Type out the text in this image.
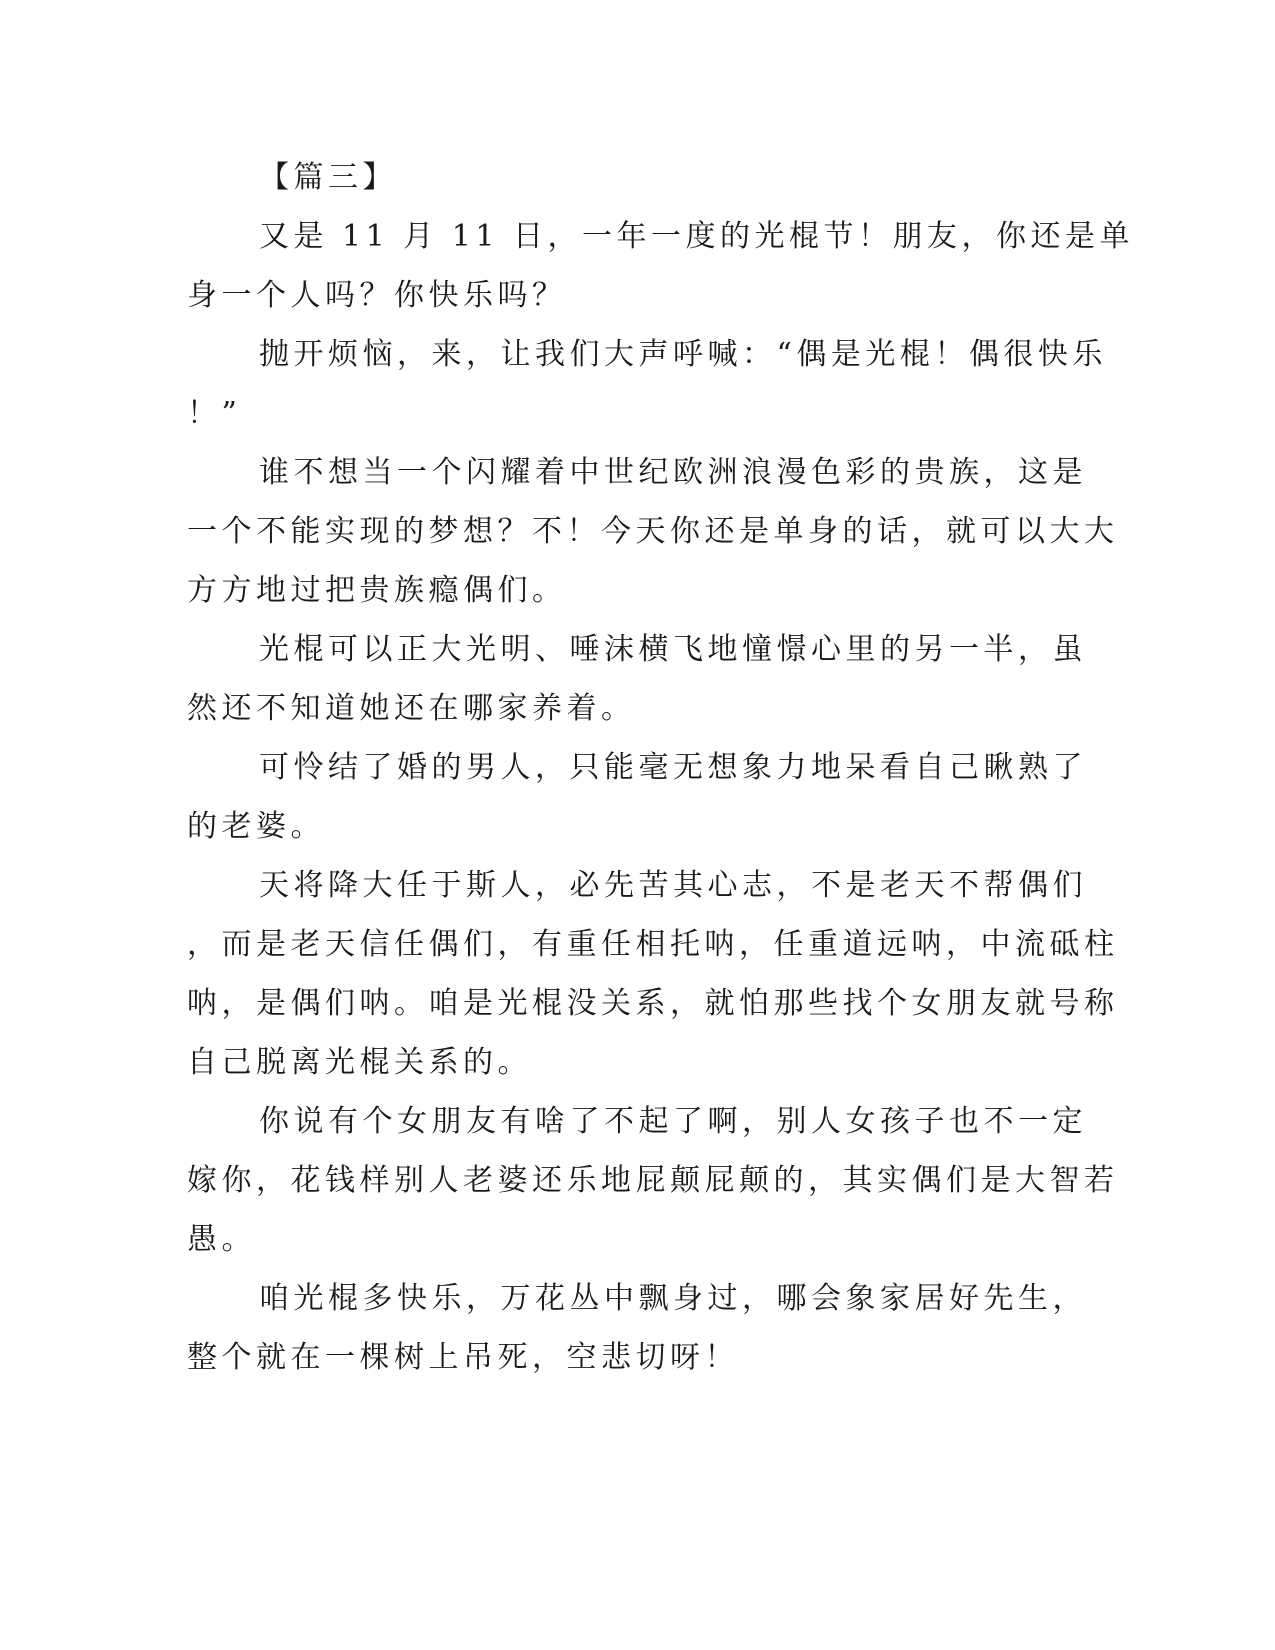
【篇三】
又是 11 月 11 日，一年一度的光棍节！朋友，你还是单
身一个人吗？你快乐吗？
抛开烦恼，来，让我们大声呼喊：“偶是光棍！偶很快乐
！”
谁不想当一个闪耀着中世纪欧洲浪漫色彩的贵族，这是
一个不能实现的梦想？不！今天你还是单身的话，就可以大大
方方地过把贵族瘾偶们。
光棍可以正大光明、唾沫横飞地憧憬心里的另一半，虽
然还不知道她还在哪家养着。
可怜结了婚的男人，只能毫无想象力地呆看自己瞅熟了
的老婆。
天将降大任于斯人，必先苦其心志，不是老天不帮偶们
，而是老天信任偶们，有重任相托呐，任重道远呐，中流砥柱
呐，是偶们呐。咱是光棍没关系，就怕那些找个女朋友就号称
自己脱离光棍关系的。
你说有个女朋友有啥了不起了啊，别人女孩子也不一定
嫁你，花钱样别人老婆还乐地屁颠屁颠的，其实偶们是大智若
愚。
咱光棍多快乐，万花丛中飘身过，哪会象家居好先生，
整个就在一棵树上吊死，空悲切呀！
